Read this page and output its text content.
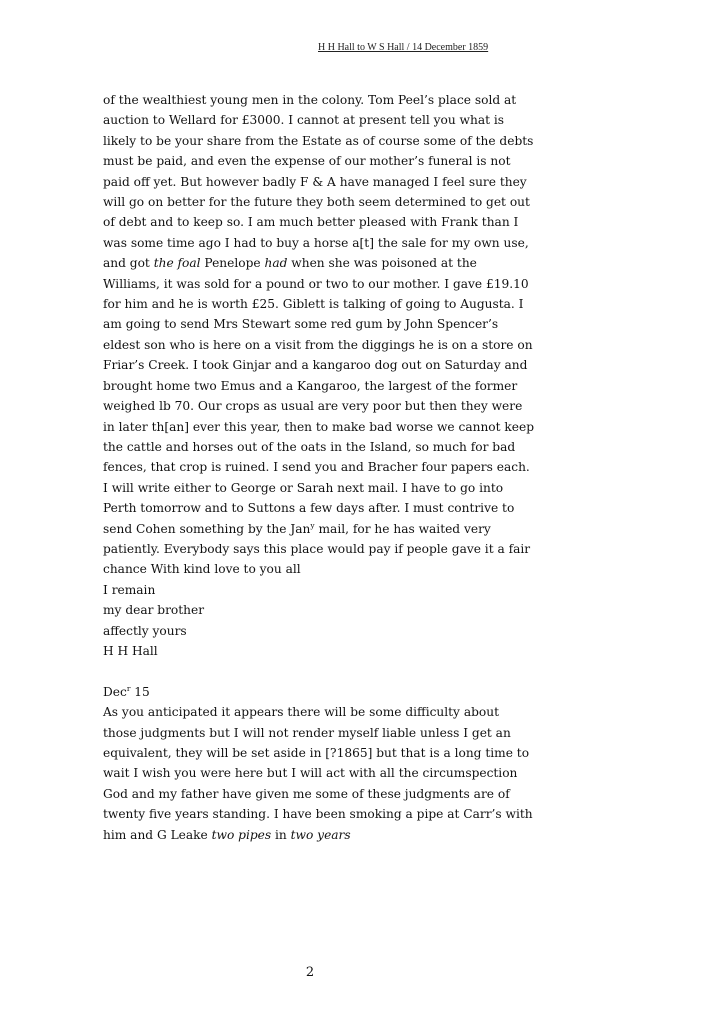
H H Hall to W S Hall / 14 December 1859
of the wealthiest young men in the colony. Tom Peel’s place sold at
auction to Wellard for £3000. I cannot at present tell you what is
likely to be your share from the Estate as of course some of the debts
must be paid, and even the expense of our mother’s funeral is not
paid off yet. But however badly F & A have managed I feel sure they
will go on better for the future they both seem determined to get out
of debt and to keep so. I am much better pleased with Frank than I
was some time ago I had to buy a horse a[t] the sale for my own use,
and got the foal Penelope had when she was poisoned at the
Williams, it was sold for a pound or two to our mother. I gave £19.10
for him and he is worth £25. Giblett is talking of going to Augusta. I
am going to send Mrs Stewart some red gum by John Spencer’s
eldest son who is here on a visit from the diggings he is on a store on
Friar’s Creek. I took Ginjar and a kangaroo dog out on Saturday and
brought home two Emus and a Kangaroo, the largest of the former
weighed lb 70. Our crops as usual are very poor but then they were
in later th[an] ever this year, then to make bad worse we cannot keep
the cattle and horses out of the oats in the Island, so much for bad
fences, that crop is ruined. I send you and Bracher four papers each.
I will write either to George or Sarah next mail. I have to go into
Perth tomorrow and to Suttons a few days after. I must contrive to
send Cohen something by the Jan$^y$ mail, for he has waited very
patiently. Everybody says this place would pay if people gave it a fair
chance With kind love to you all
I remain
my dear brother
affectly yours
H H Hall
Dec$^r$ 15
As you anticipated it appears there will be some difficulty about
those judgments but I will not render myself liable unless I get an
equivalent, they will be set aside in [?1865] but that is a long time to
wait I wish you were here but I will act with all the circumspection
God and my father have given me some of these judgments are of
twenty five years standing. I have been smoking a pipe at Carr’s with
him and G Leake two pipes in two years
2
